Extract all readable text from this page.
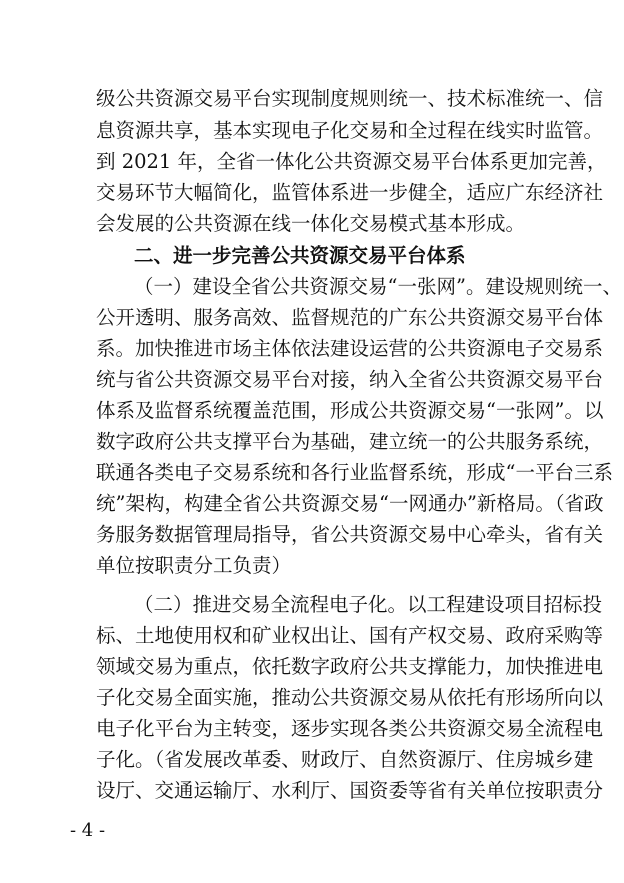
级公共资源交易平台实现制度规则统一、技术标准统一、信
息资源共享，基本实现电子化交易和全过程在线实时监管。
到 2021 年，全省一体化公共资源交易平台体系更加完善，
交易环节大幅简化，监管体系进一步健全，适应广东经济社
会发展的公共资源在线一体化交易模式基本形成。
二、进一步完善公共资源交易平台体系
（一）建设全省公共资源交易“一张网”。建设规则统一、
公开透明、服务高效、监督规范的广东公共资源交易平台体
系。加快推进市场主体依法建设运营的公共资源电子交易系
统与省公共资源交易平台对接，纳入全省公共资源交易平台
体系及监督系统覆盖范围，形成公共资源交易“一张网”。以
数字政府公共支撑平台为基础，建立统一的公共服务系统，
联通各类电子交易系统和各行业监督系统，形成“一平台三系
统”架构，构建全省公共资源交易“一网通办”新格局。（省政
务服务数据管理局指导，省公共资源交易中心牵头，省有关
单位按职责分工负责）
（二）推进交易全流程电子化。以工程建设项目招标投
标、土地使用权和矿业权出让、国有产权交易、政府采购等
领域交易为重点，依托数字政府公共支撑能力，加快推进电
子化交易全面实施，推动公共资源交易从依托有形场所向以
电子化平台为主转变，逐步实现各类公共资源交易全流程电
子化。（省发展改革委、财政厅、自然资源厅、住房城乡建
设厅、交通运输厅、水利厅、国资委等省有关单位按职责分
- 4 -
